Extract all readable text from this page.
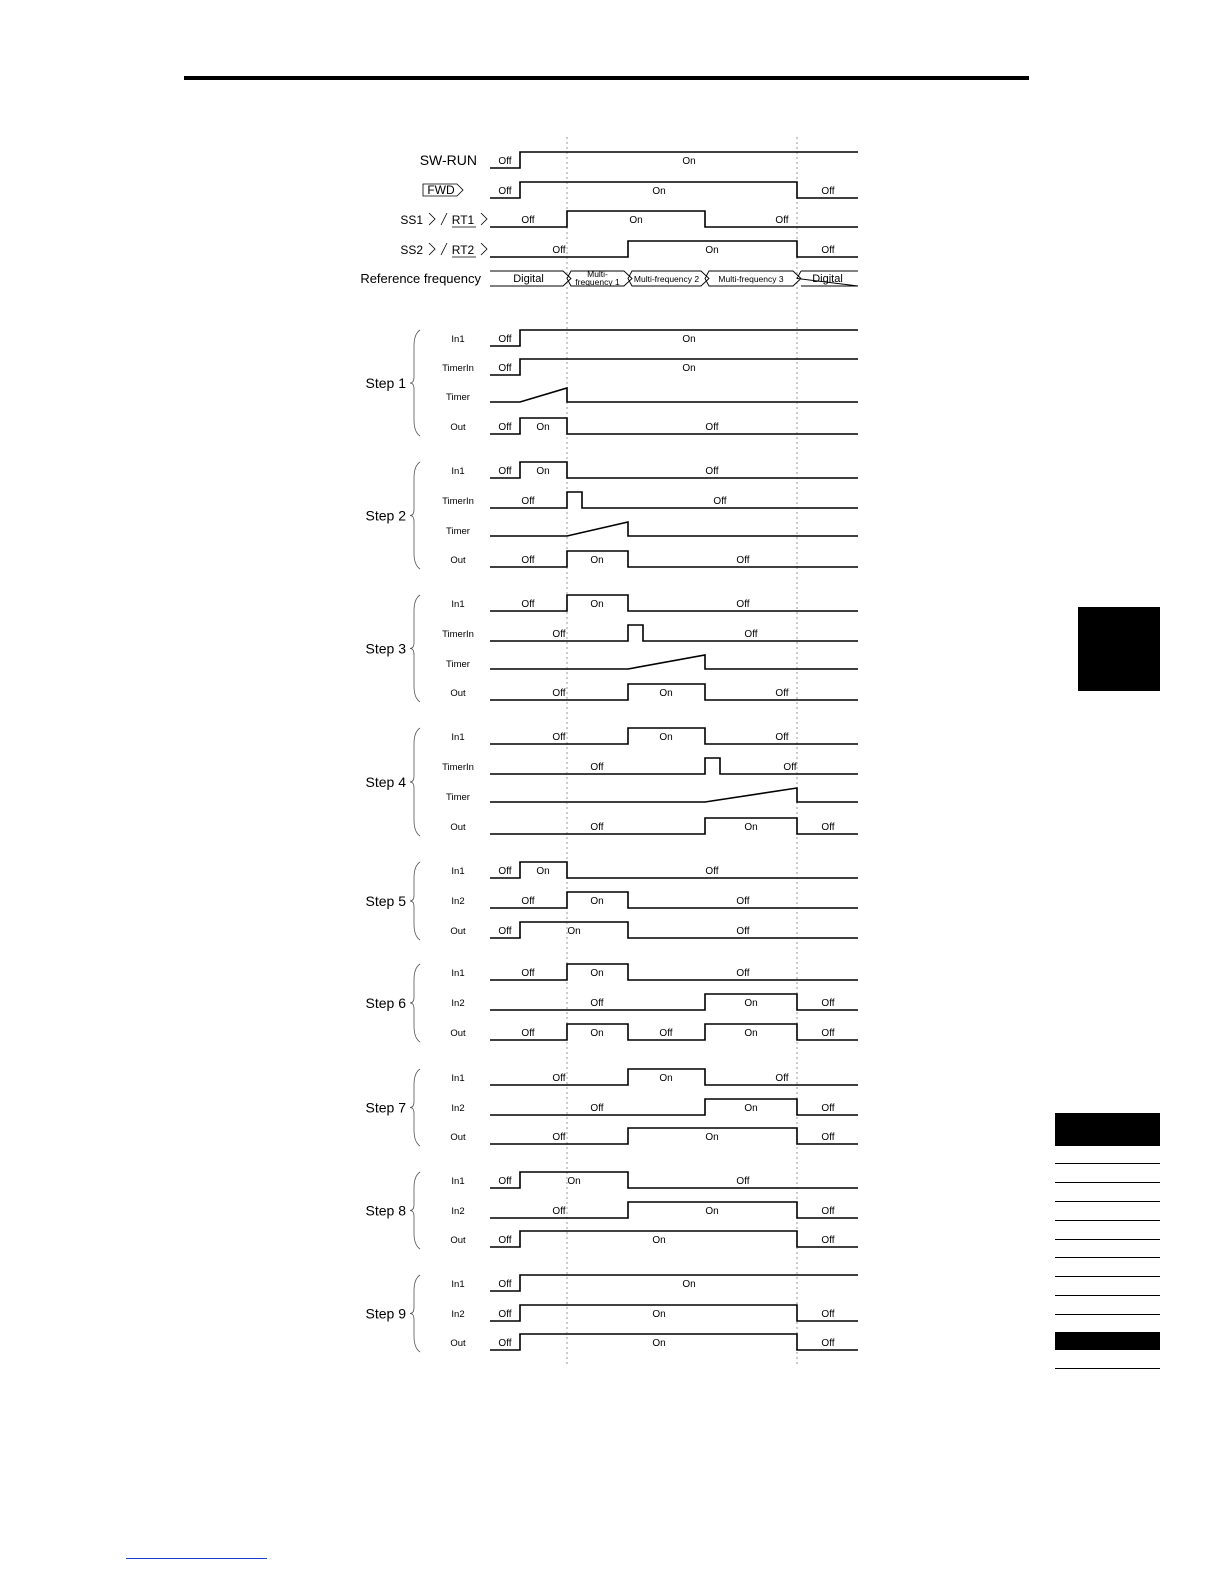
SW-RUN Off	On
FWD	Off	On	Off
SS1 RT1	Off	On	Off
SS2 RT2	Off	On	Off
Reference frequency	Digital	Multi-
frequency 1 Multi-frequency 2 Multi-frequency 3	Digital
Step 1
In1	Off	On
TimerIn Off	On
Timer
Out	Off On	Off
Step 2
In1	Off On	Off
TimerIn	Off	Off
Timer
Out	Off	On	Off
Step 3
In1	Off	On	Off
TimerIn	Off	Off
Timer
Out	Off	On	Off
Step 4
In1	Off	On	Off
TimerIn	Off	Off
Timer
Out	Off	On	Off
Step 5
In1	Off On	Off
In2	Off	On	Off
Out	Off	On	Off
Step 6
In1	Off	On	Off
In2	Off	On	Off
Out	Off	On	Off	On	Off
Step 7
In1	Off	On	Off
In2	Off	On	Off
Out	Off	On	Off
Step 8
In1	Off	On	Off
In2	Off	On	Off
Out	Off	On	Off
Step 9
In1	Off	On
In2	Off	On	Off
Out	Off	On	Off
